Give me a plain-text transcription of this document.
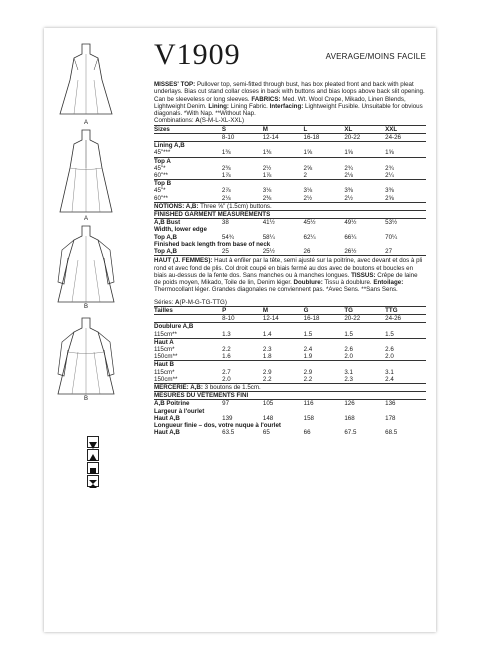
A
A
B
B
V1909	AVERAGE/MOINS FACILE

MISSES' TOP: Pullover top, semi-fitted through bust, has box pleated front and back with pleat underlays. Bias cut stand collar closes in back with buttons and bias loops above back slit opening. Can be sleeveless or long sleeves. FABRICS: Med. Wt. Wool Crepe, Mikado, Linen Blends, Lightweight Denim. Lining: Lining Fabric. Interfacing: Lightweight Fusible. Unsuitable for obvious diagonals. *With Nap. **Without Nap.

Combinations: A(S-M-L-XL-XXL)

Sizes	S	M	L	XL	XXL
	8-10	12-14	16-18	20-22	24-26
Lining A,B					
45"***	1⅜	1⅜	1⅝	1⅝	1⅝
Top A					
45"*	2⅜	2½	2⅝	2¾	2¾
60"**	1⅞	1⅞	2	2⅛	2¼
Top B					
45"*	2⅞	3⅛	3⅛	3⅜	3⅜
60"**	2⅛	2⅜	2½	2½	2⅝
NOTIONS: A,B: Three ⅝" (1.5cm) buttons.					
FINISHED GARMENT MEASUREMENTS					
A,B Bust	38	41½	45½	49½	53½
Width, lower edge					
Top A,B	54¾	58¼	62¼	66¼	70¼
Finished back length from base of neck					
Top A,B	25	25½	26	26½	27

HAUT (J. FEMMES): Haut à enfiler par la tête, semi ajusté sur la poitrine, avec devant et dos à pli rond et avec fond de plis. Col droit coupé en biais fermé au dos avec de boutons et boucles en biais au-dessus de la fente dos. Sans manches ou à manches longues. TISSUS: Crêpe de laine de poids moyen, Mikado, Toile de lin, Denim léger. Doublure: Tissu à doublure. Entoilage: Thermocollant léger. Grandes diagonales ne conviennent pas. *Avec Sens. **Sans Sens.

Séries: A(P-M-G-TG-TTG)

Tailles	P	M	G	TG	TTG
	8-10	12-14	16-18	20-22	24-26
Doublure A,B					
115cm**	1.3	1.4	1.5	1.5	1.5
Haut A					
115cm*	2.2	2.3	2.4	2.6	2.6
150cm**	1.6	1.8	1.9	2.0	2.0
Haut B					
115cm*	2.7	2.9	2.9	3.1	3.1
150cm**	2.0	2.2	2.2	2.3	2.4
MERCERIE: A,B: 3 boutons de 1.5cm.					
MESURES DU VÊTEMENTS FINI					
A,B Poitrine	97	105	116	126	136
Largeur à l'ourlet					
Haut A,B	139	148	158	168	178
Longueur finie – dos, votre nuque à l'ourlet					
Haut A,B	63.5	65	66	67.5	68.5
